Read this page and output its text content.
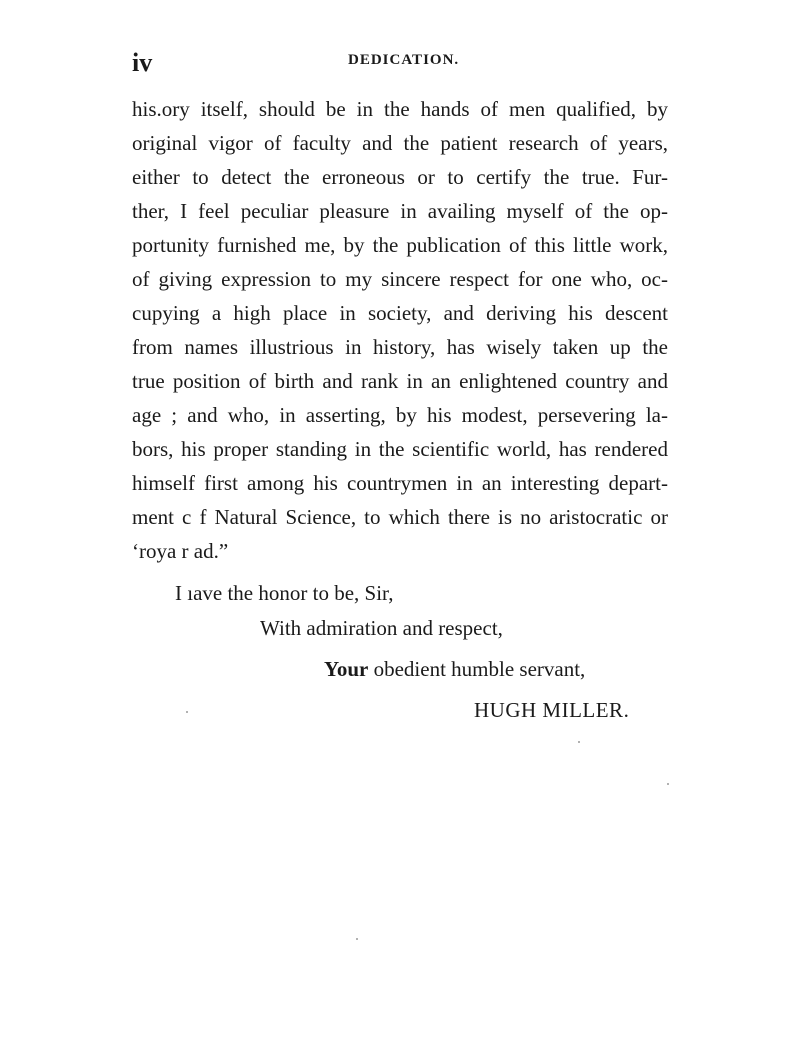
iv	DEDICATION.
his.ory itself, should be in the hands of men qualified, by
original vigor of faculty and the patient research of years,
either to detect the erroneous or to certify the true. Fur-
ther, I feel peculiar pleasure in availing myself of the op-
portunity furnished me, by the publication of this little work,
of giving expression to my sincere respect for one who, oc-
cupying a high place in society, and deriving his descent
from names illustrious in history, has wisely taken up the
true position of birth and rank in an enlightened country and
age ; and who, in asserting, by his modest, persevering la-
bors, his proper standing in the scientific world, has rendered
himself first among his countrymen in an interesting depart-
ment c f Natural Science, to which there is no aristocratic or
‘roya r ad.”
I ıave the honor to be, Sir,
With admiration and respect,
Your obedient humble servant,
HUGH MILLER.
